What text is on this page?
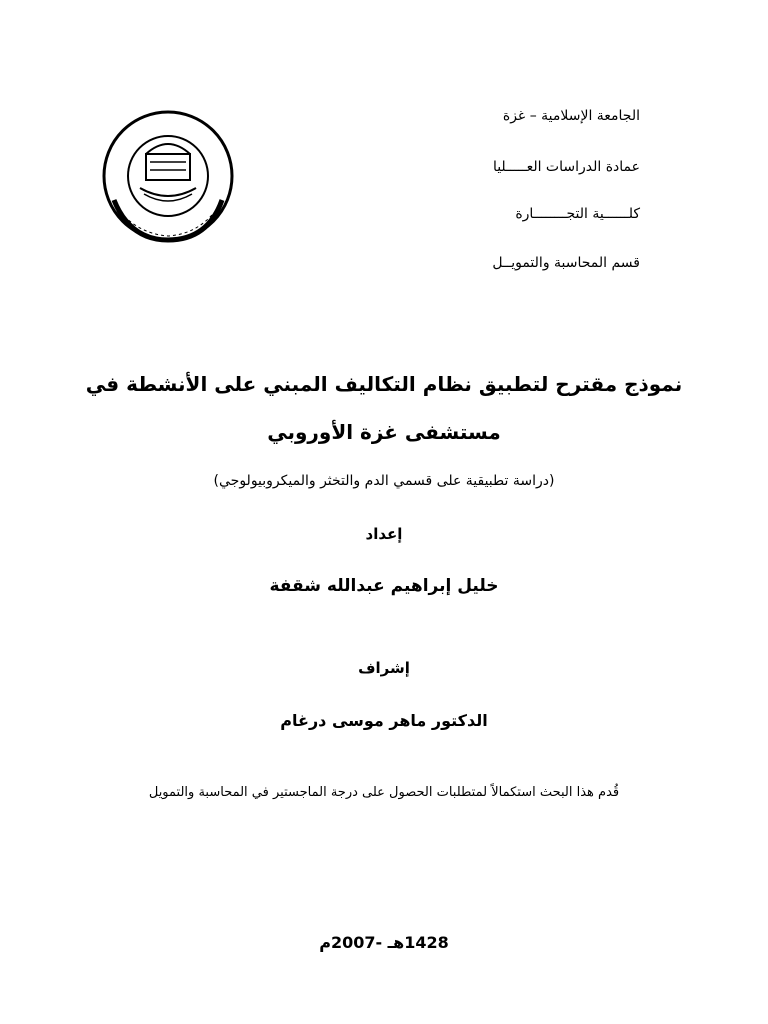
الجامعة الإسلامية – غزة
عمادة الدراسات العـــــليا
كلــــــية التجــــــــارة
قسم المحاسبة والتمويــل
نموذج مقترح لتطبيق نظام التكاليف المبني على الأنشطة في
مستشفى غزة الأوروبي
(دراسة تطبيقية على قسمي الدم والتخثر والميكروبيولوجي)
إعداد
خليل إبراهيم عبدالله شقفة
إشراف
الدكتور ماهر موسى درغام
قُدم هذا البحث استكمالاً لمتطلبات الحصول على درجة الماجستير في المحاسبة والتمويل
1428هـ -2007م
